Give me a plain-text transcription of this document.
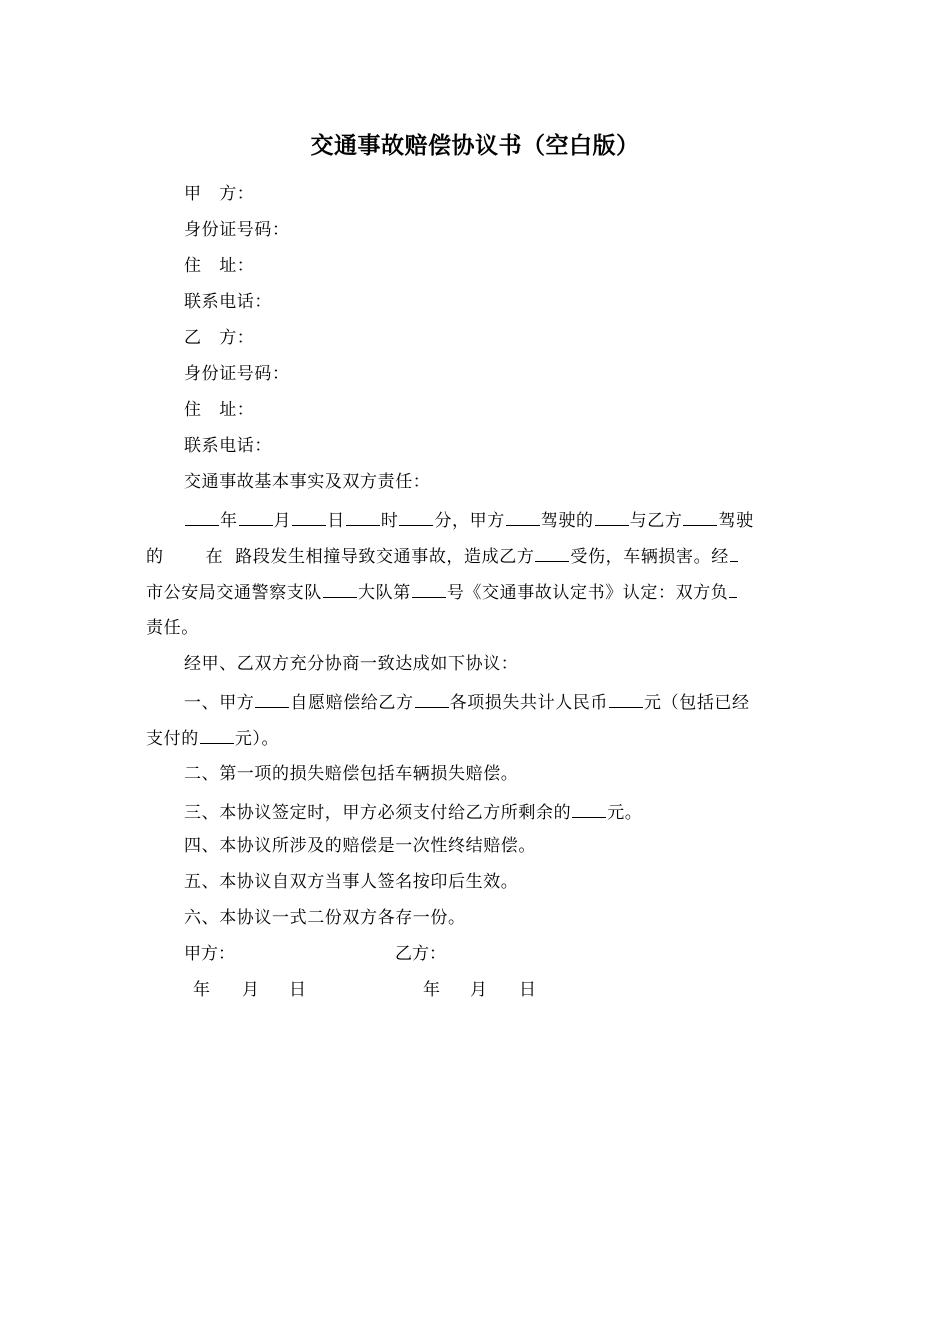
交通事故赔偿协议书（空白版）
甲　方：
身份证号码：
住　址：
联系电话：
乙　方：
身份证号码：
住　址：
联系电话：
交通事故基本事实及双方责任：
年 月 日 时 分，甲方 驾驶的 与乙方 驾驶
的 在 路段发生相撞导致交通事故，造成乙方 受伤，车辆损害。经
市公安局交通警察支队 大队第 号《交通事故认定书》认定：双方负
责任。
经甲、乙双方充分协商一致达成如下协议：
一、甲方 自愿赔偿给乙方 各项损失共计人民币 元（包括已经
支付的 元）。
二、第一项的损失赔偿包括车辆损失赔偿。
三、本协议签定时，甲方必须支付给乙方所剩余的 元。
四、本协议所涉及的赔偿是一次性终结赔偿。
五、本协议自双方当事人签名按印后生效。
六、本协议一式二份双方各存一份。
甲方：	乙方：
年 月 日	年 月 日
